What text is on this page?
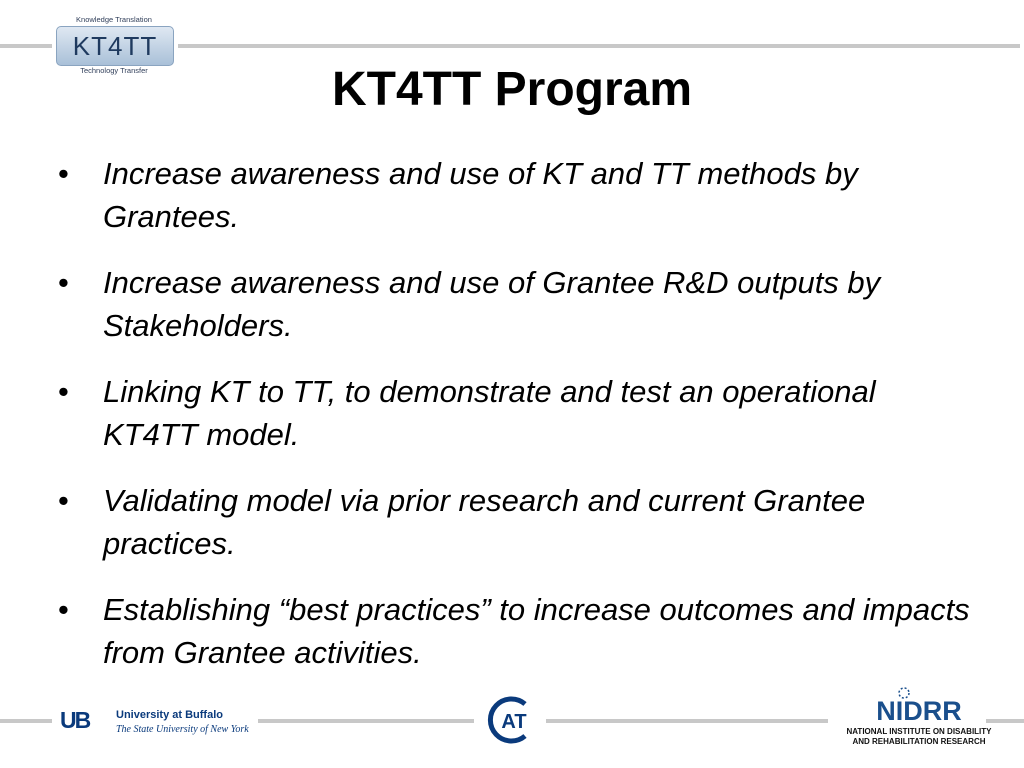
Knowledge Translation
KT4TT
Technology Transfer	KT4TT Program
• Increase awareness and use of KT and TT methods by Grantees.
• Increase awareness and use of Grantee R&D outputs by Stakeholders.
• Linking KT to TT, to demonstrate and test an operational KT4TT model.
• Validating model via prior research and current Grantee practices.
• Establishing “best practices” to increase outcomes and impacts from Grantee activities.
UB University at Buffalo
The State University of New York	AT	NIDRR
NATIONAL INSTITUTE ON DISABILITY
AND REHABILITATION RESEARCH
